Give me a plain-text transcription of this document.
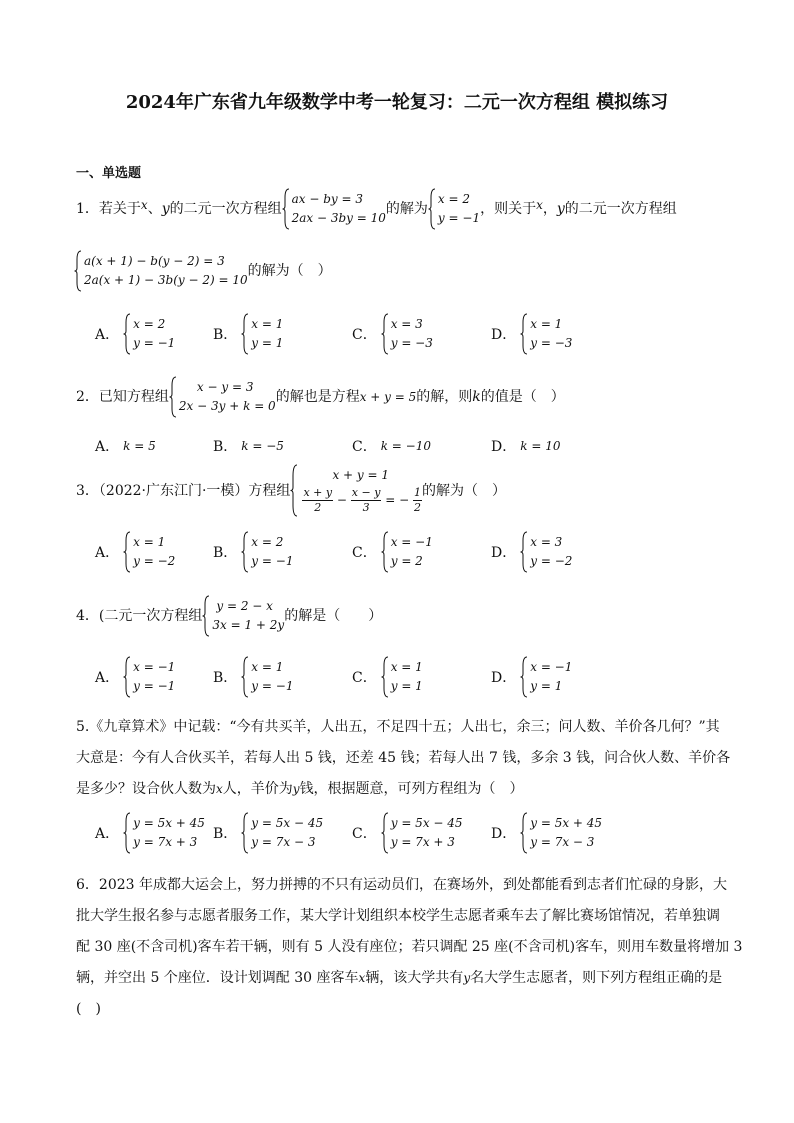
2024年广东省九年级数学中考一轮复习：二元一次方程组 模拟练习
一、单选题
1．若关于x、y的二元一次方程组
ax − by = 3
2ax − 3by = 10
的解为
x = 2
y = −1
，则关于x，y的二元一次方程组
a(x + 1) − b(y − 2) = 3
2a(x + 1) − 3b(y − 2) = 10
的解为（　）
A．
x = 2
y = −1	B．
x = 1
y = 1	C．
x = 3
y = −3	D．
x = 1
y = −3
2．已知方程组
x − y = 3
2x − 3y + k = 0
的解也是方程x + y = 5的解，则k的值是（　）
A． k = 5	B． k = −5	C． k = −10	D． k = 10
3．（2022·广东江门·一模）方程组
x + y = 1
$\frac{x + y}{2} - \frac{x - y}{3}$ = − $\frac{1}{2}$ 的解为（　）
A．
x = 1
y = −2	B．
x = 2
y = −1	C．
x = −1
y = 2	D．
x = 3
y = −2
4．(二元一次方程组
y = 2 − x
3x = 1 + 2y
的解是（　　）
A．
x = −1
y = −1	B．
x = 1
y = −1	C．
x = 1
y = 1	D．
x = −1
y = 1
5.《九章算术》中记载：“今有共买羊，人出五，不足四十五；人出七，余三；问人数、羊价各几何？”其
大意是：今有人合伙买羊，若每人出 5 钱，还差 45 钱；若每人出 7 钱，多余 3 钱，问合伙人数、羊价各
是多少？设合伙人数为x人，羊价为y钱，根据题意，可列方程组为（　）
A．
y = 5x + 45
y = 7x + 3	B．
y = 5x − 45
y = 7x − 3	C．
y = 5x − 45
y = 7x + 3	D．
y = 5x + 45
y = 7x − 3
6．2023 年成都大运会上，努力拼搏的不只有运动员们，在赛场外，到处都能看到志者们忙碌的身影，大
批大学生报名参与志愿者服务工作，某大学计划组织本校学生志愿者乘车去了解比赛场馆情况，若单独调
配 30 座(不含司机)客车若干辆，则有 5 人没有座位；若只调配 25 座(不含司机)客车，则用车数量将增加 3
辆，并空出 5 个座位．设计划调配 30 座客车x辆，该大学共有y名大学生志愿者，则下列方程组正确的是
(　)
